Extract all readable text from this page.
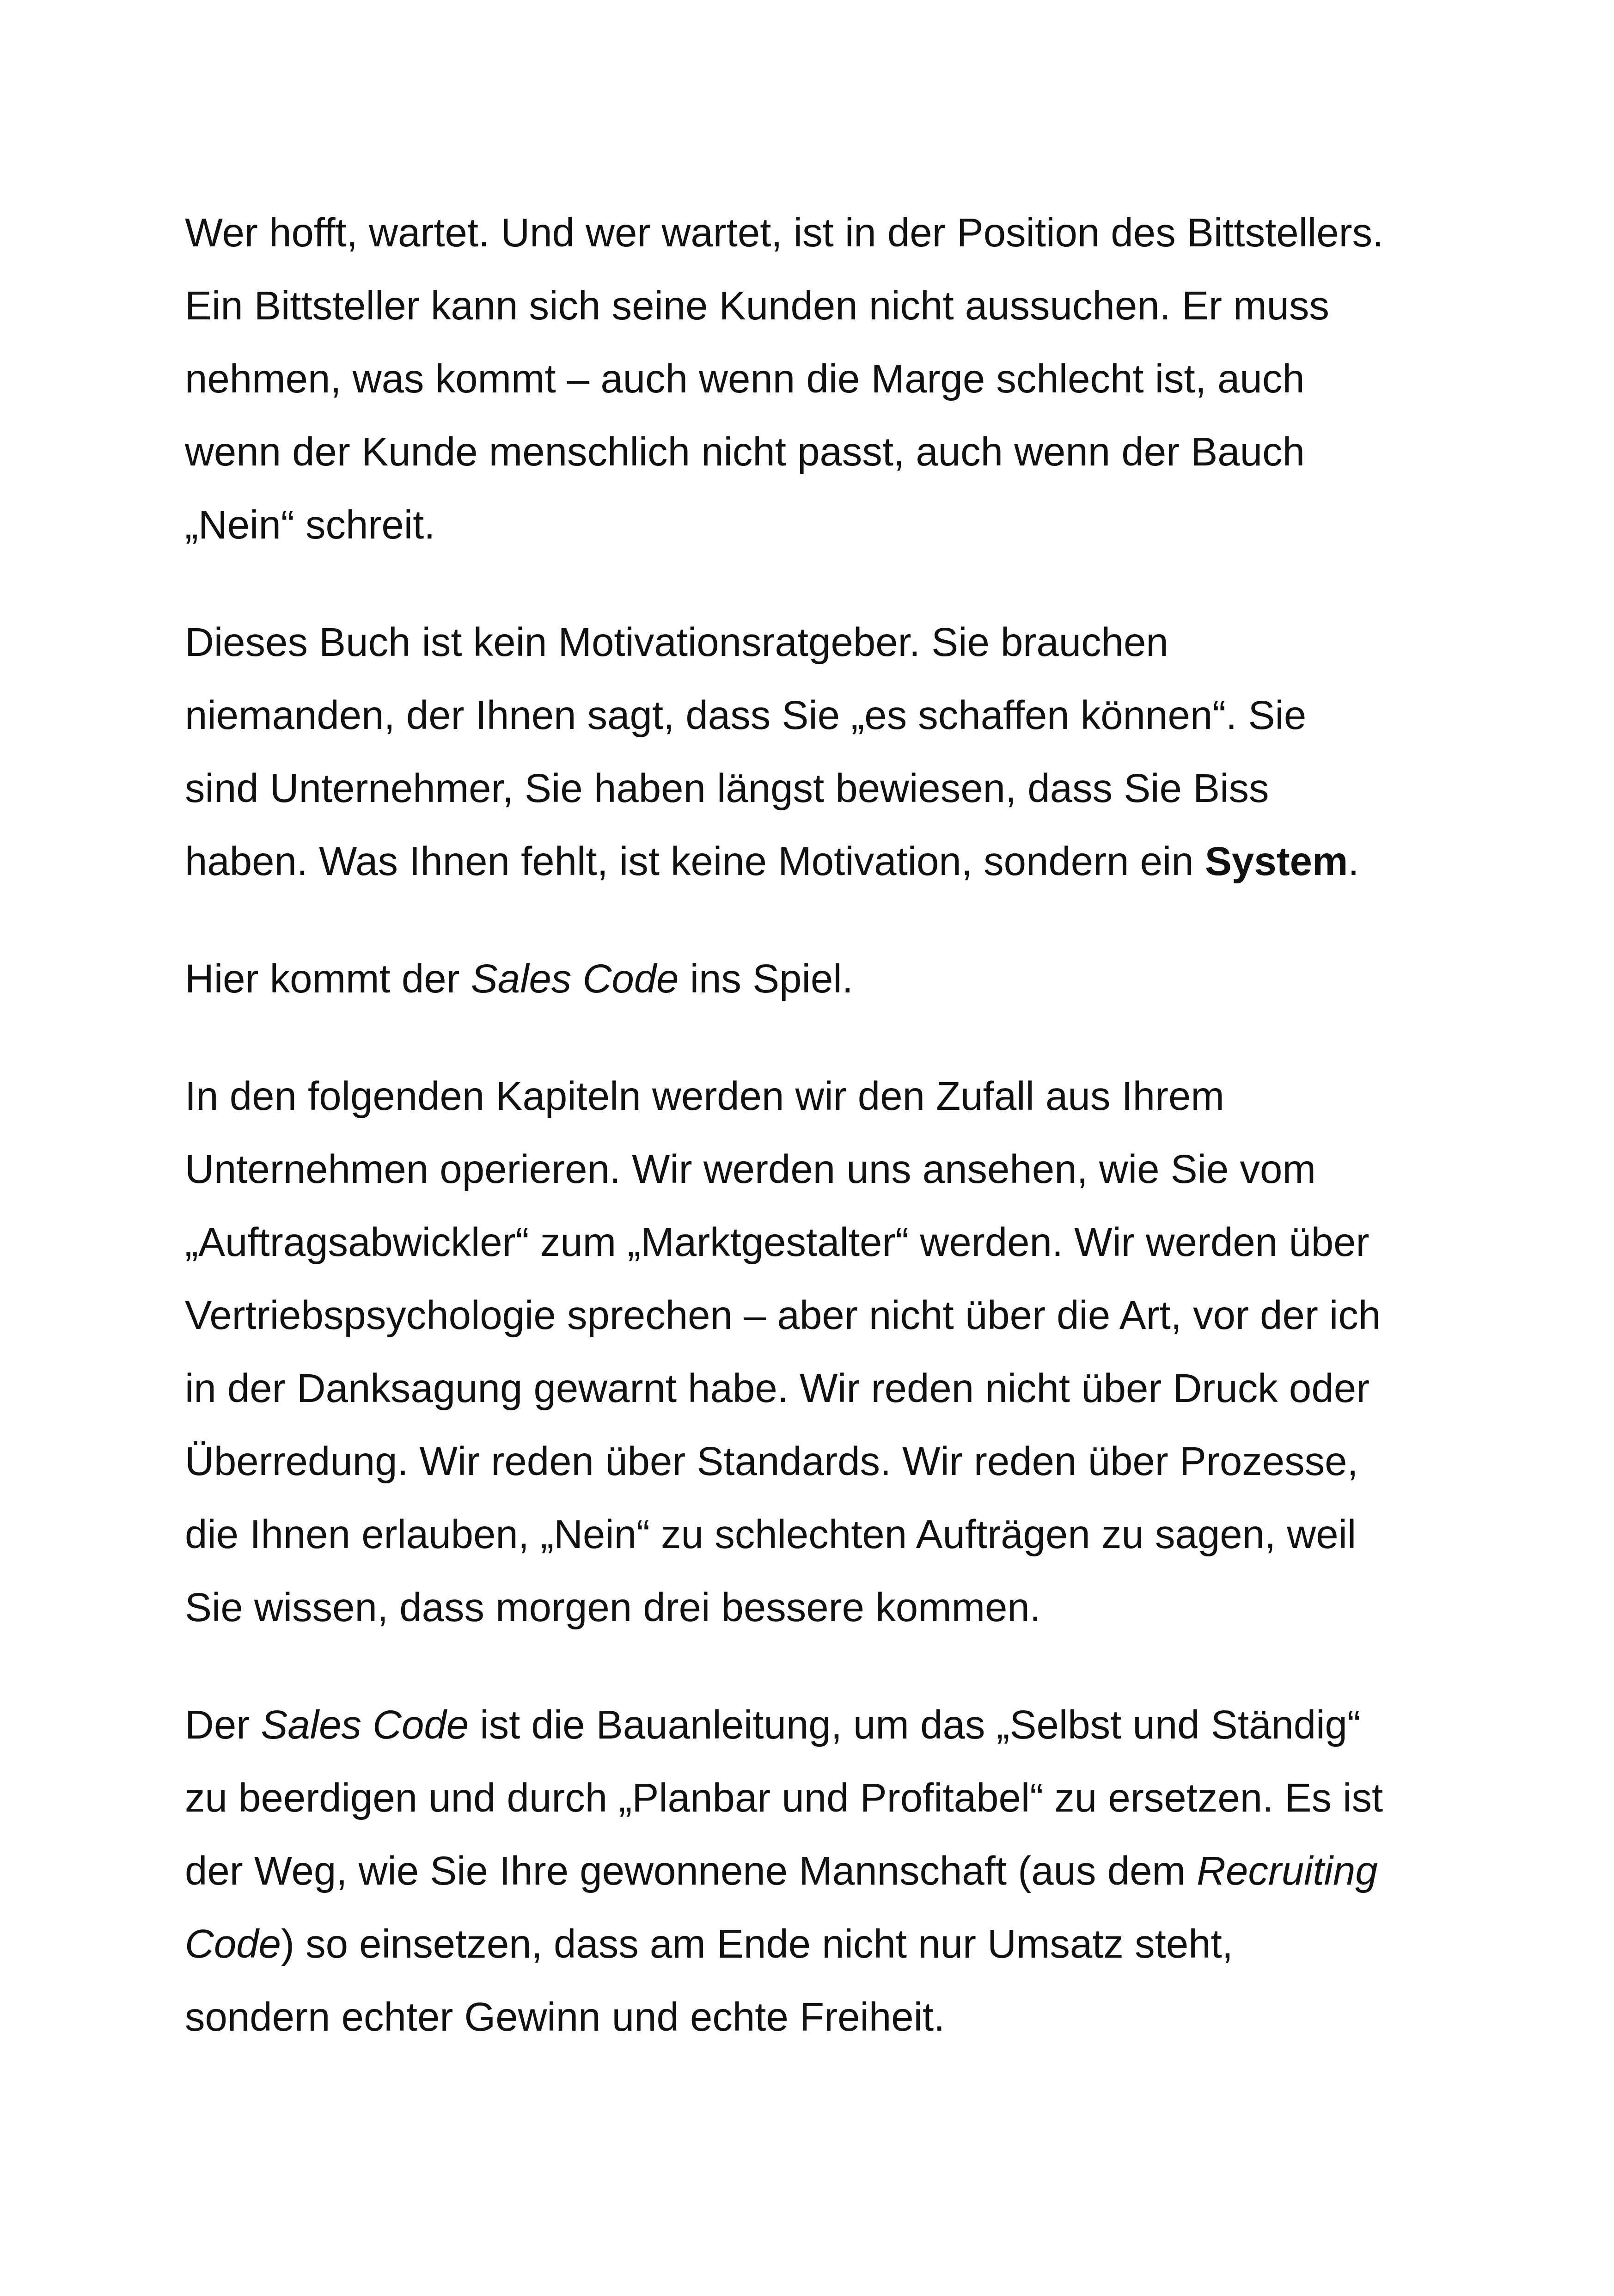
Wer hofft, wartet. Und wer wartet, ist in der Position des Bittstellers.
Ein Bittsteller kann sich seine Kunden nicht aussuchen. Er muss
nehmen, was kommt – auch wenn die Marge schlecht ist, auch
wenn der Kunde menschlich nicht passt, auch wenn der Bauch
„Nein“ schreit.

Dieses Buch ist kein Motivationsratgeber. Sie brauchen
niemanden, der Ihnen sagt, dass Sie „es schaffen können“. Sie
sind Unternehmer, Sie haben längst bewiesen, dass Sie Biss
haben. Was Ihnen fehlt, ist keine Motivation, sondern ein System.

Hier kommt der Sales Code ins Spiel.

In den folgenden Kapiteln werden wir den Zufall aus Ihrem
Unternehmen operieren. Wir werden uns ansehen, wie Sie vom
„Auftragsabwickler“ zum „Marktgestalter“ werden. Wir werden über
Vertriebspsychologie sprechen – aber nicht über die Art, vor der ich
in der Danksagung gewarnt habe. Wir reden nicht über Druck oder
Überredung. Wir reden über Standards. Wir reden über Prozesse,
die Ihnen erlauben, „Nein“ zu schlechten Aufträgen zu sagen, weil
Sie wissen, dass morgen drei bessere kommen.

Der Sales Code ist die Bauanleitung, um das „Selbst und Ständig“
zu beerdigen und durch „Planbar und Profitabel“ zu ersetzen. Es ist
der Weg, wie Sie Ihre gewonnene Mannschaft (aus dem Recruiting
Code) so einsetzen, dass am Ende nicht nur Umsatz steht,
sondern echter Gewinn und echte Freiheit.
